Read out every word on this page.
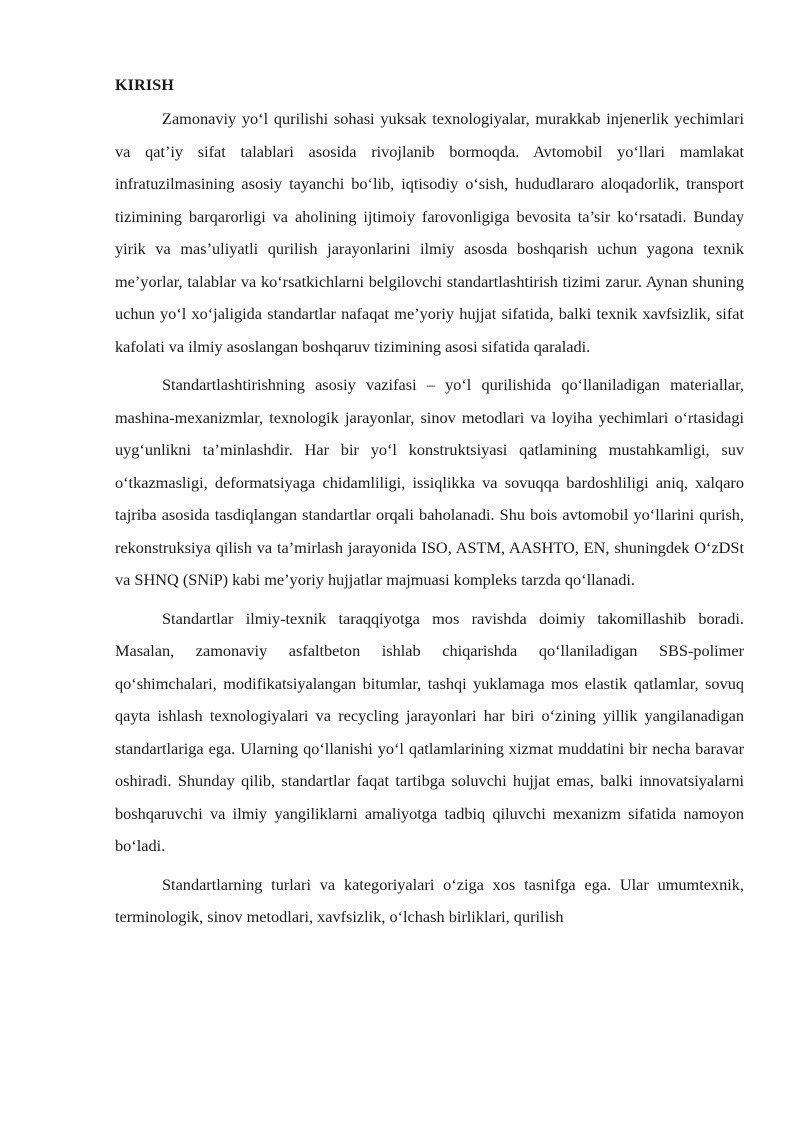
KIRISH

Zamonaviy yo‘l qurilishi sohasi yuksak texnologiyalar, murakkab injenerlik yechimlari va qat’iy sifat talablari asosida rivojlanib bormoqda. Avtomobil yo‘llari mamlakat infratuzilmasining asosiy tayanchi bo‘lib, iqtisodiy o‘sish, hududlararo aloqadorlik, transport tizimining barqarorligi va aholining ijtimoiy farovonligiga bevosita ta’sir ko‘rsatadi. Bunday yirik va mas’uliyatli qurilish jarayonlarini ilmiy asosda boshqarish uchun yagona texnik me’yorlar, talablar va ko‘rsatkichlarni belgilovchi standartlashtirish tizimi zarur. Aynan shuning uchun yo‘l xo‘jaligida standartlar nafaqat me’yoriy hujjat sifatida, balki texnik xavfsizlik, sifat kafolati va ilmiy asoslangan boshqaruv tizimining asosi sifatida qaraladi.

Standartlashtirishning asosiy vazifasi – yo‘l qurilishida qo‘llaniladigan materiallar, mashina-mexanizmlar, texnologik jarayonlar, sinov metodlari va loyiha yechimlari o‘rtasidagi uyg‘unlikni ta’minlashdir. Har bir yo‘l konstruktsiyasi qatlamining mustahkamligi, suv o‘tkazmasligi, deformatsiyaga chidamliligi, issiqlikka va sovuqqa bardoshliligi aniq, xalqaro tajriba asosida tasdiqlangan standartlar orqali baholanadi. Shu bois avtomobil yo‘llarini qurish, rekonstruksiya qilish va ta’mirlash jarayonida ISO, ASTM, AASHTO, EN, shuningdek O‘zDSt va SHNQ (SNiP) kabi me’yoriy hujjatlar majmuasi kompleks tarzda qo‘llanadi.

Standartlar ilmiy-texnik taraqqiyotga mos ravishda doimiy takomillashib boradi. Masalan, zamonaviy asfaltbeton ishlab chiqarishda qo‘llaniladigan SBS-polimer qo‘shimchalari, modifikatsiyalangan bitumlar, tashqi yuklamaga mos elastik qatlamlar, sovuq qayta ishlash texnologiyalari va recycling jarayonlari har biri o‘zining yillik yangilanadigan standartlariga ega. Ularning qo‘llanishi yo‘l qatlamlarining xizmat muddatini bir necha baravar oshiradi. Shunday qilib, standartlar faqat tartibga soluvchi hujjat emas, balki innovatsiyalarni boshqaruvchi va ilmiy yangiliklarni amaliyotga tadbiq qiluvchi mexanizm sifatida namoyon bo‘ladi.

Standartlarning turlari va kategoriyalari o‘ziga xos tasnifga ega. Ular umumtexnik, terminologik, sinov metodlari, xavfsizlik, o‘lchash birliklari, qurilish
